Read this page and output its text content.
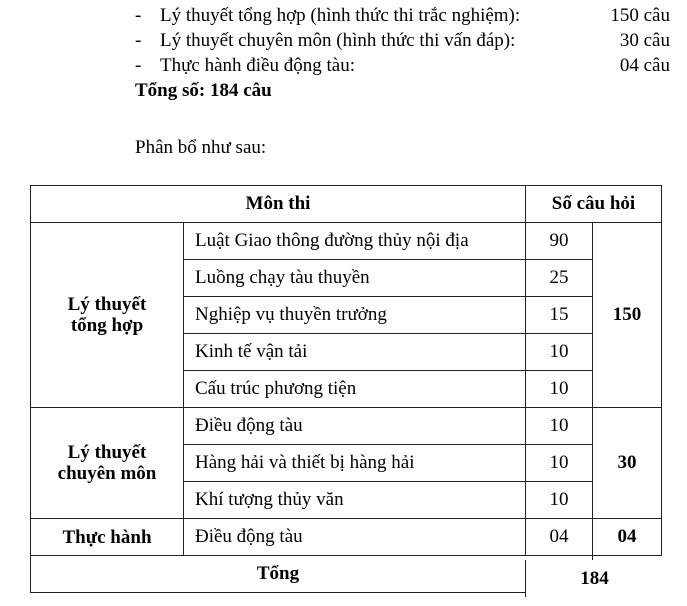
- Lý thuyết tổng hợp (hình thức thi trắc nghiệm):	150 câu
- Lý thuyết chuyên môn (hình thức thi vấn đáp):	30 câu
- Thực hành điều động tàu:	04 câu
Tổng số: 184 câu
Phân bổ như sau:
Môn thi		Số câu hỏi	

Lý thuyết
tổng hợp	Luật Giao thông đường thủy nội địa	90	150
	Luồng chạy tàu thuyền	25	
	Nghiệp vụ thuyền trưởng	15	
	Kinh tế vận tải	10	
	Cấu trúc phương tiện	10	

Lý thuyết
chuyên môn	Điều động tàu	10	30
	Hàng hải và thiết bị hàng hải	10	
	Khí tượng thủy văn	10	
Thực hành	Điều động tàu	04	04
Tổng			184
